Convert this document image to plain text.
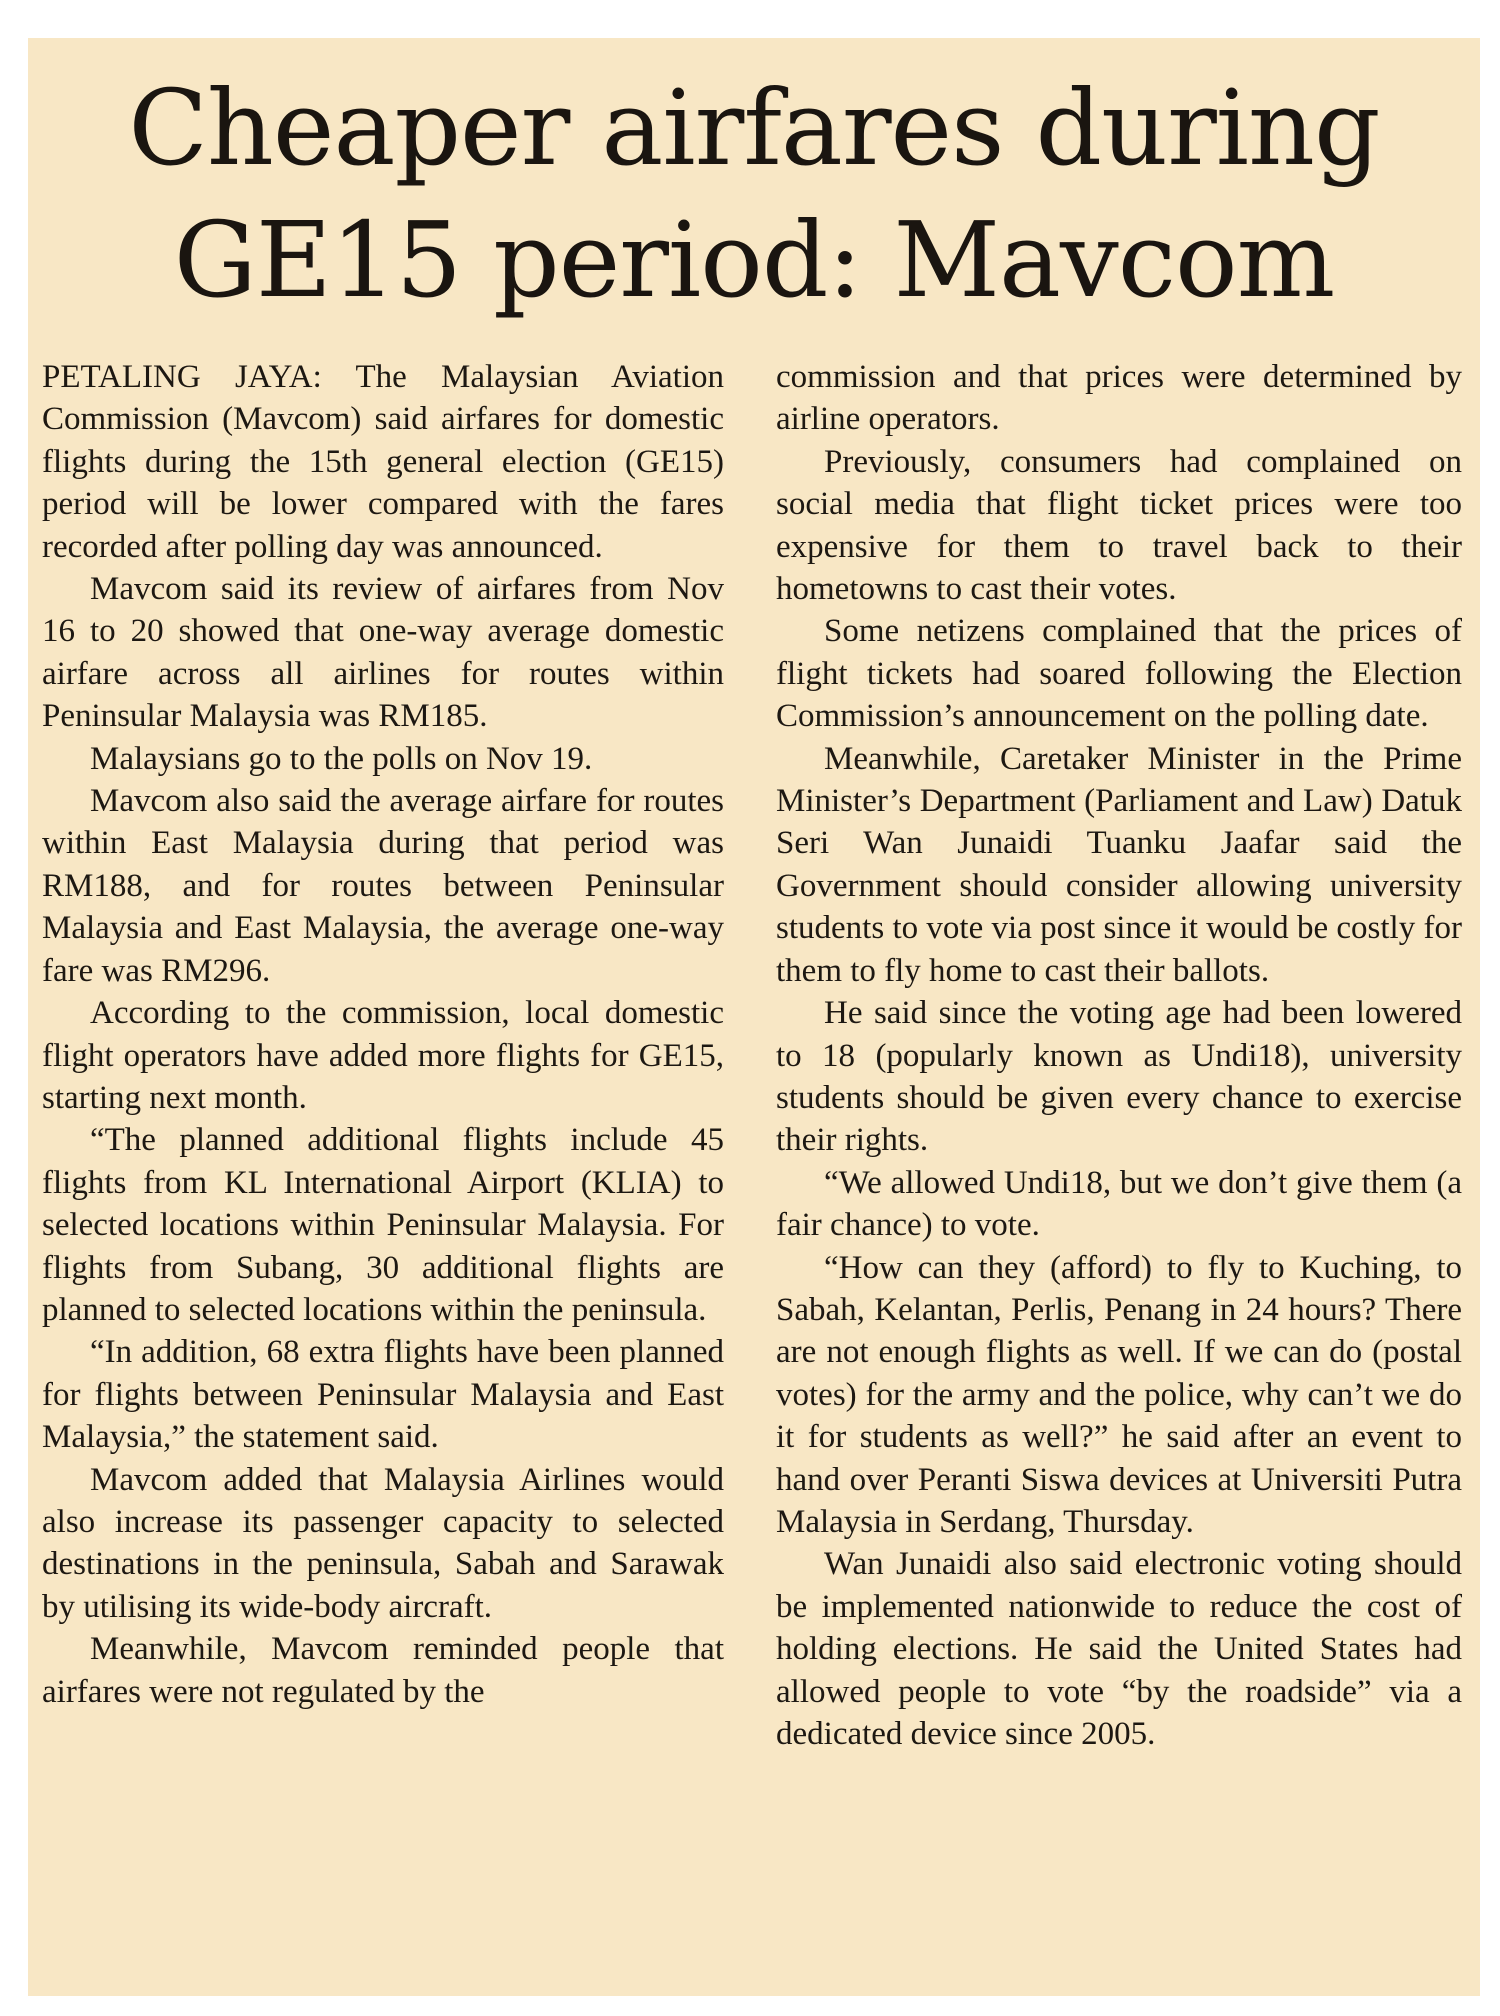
Cheaper airfares during
GE15 period: Mavcom

PETALING JAYA: The Malaysian Aviation Commission (Mavcom) said airfares for domestic flights during the 15th general election (GE15) period will be lower compared with the fares recorded after polling day was announced.

Mavcom said its review of airfares from Nov 16 to 20 showed that one-way average domestic airfare across all airlines for routes within Peninsular Malaysia was RM185.

Malaysians go to the polls on Nov 19.

Mavcom also said the average airfare for routes within East Malaysia during that period was RM188, and for routes between Peninsular Malaysia and East Malaysia, the average one-way fare was RM296.

According to the commission, local domestic flight operators have added more flights for GE15, starting next month.

“The planned additional flights include 45 flights from KL International Airport (KLIA) to selected locations within Peninsular Malaysia. For flights from Subang, 30 additional flights are planned to selected locations within the peninsula.

“In addition, 68 extra flights have been planned for flights between Peninsular Malaysia and East Malaysia,” the statement said.

Mavcom added that Malaysia Airlines would also increase its passenger capacity to selected destinations in the peninsula, Sabah and Sarawak by utilising its wide-body aircraft.

Meanwhile, Mavcom reminded people that airfares were not regulated by the

commission and that prices were determined by airline operators.

Previously, consumers had complained on social media that flight ticket prices were too expensive for them to travel back to their hometowns to cast their votes.

Some netizens complained that the prices of flight tickets had soared following the Election Commission’s announcement on the polling date.

Meanwhile, Caretaker Minister in the Prime Minister’s Department (Parliament and Law) Datuk Seri Wan Junaidi Tuanku Jaafar said the Government should consider allowing university students to vote via post since it would be costly for them to fly home to cast their ballots.

He said since the voting age had been lowered to 18 (popularly known as Undi18), university students should be given every chance to exercise their rights.

“We allowed Undi18, but we don’t give them (a fair chance) to vote.

“How can they (afford) to fly to Kuching, to Sabah, Kelantan, Perlis, Penang in 24 hours? There are not enough flights as well. If we can do (postal votes) for the army and the police, why can’t we do it for students as well?” he said after an event to hand over Peranti Siswa devices at Universiti Putra Malaysia in Serdang, Thursday.

Wan Junaidi also said electronic voting should be implemented nationwide to reduce the cost of holding elections. He said the United States had allowed people to vote “by the roadside” via a dedicated device since 2005.
